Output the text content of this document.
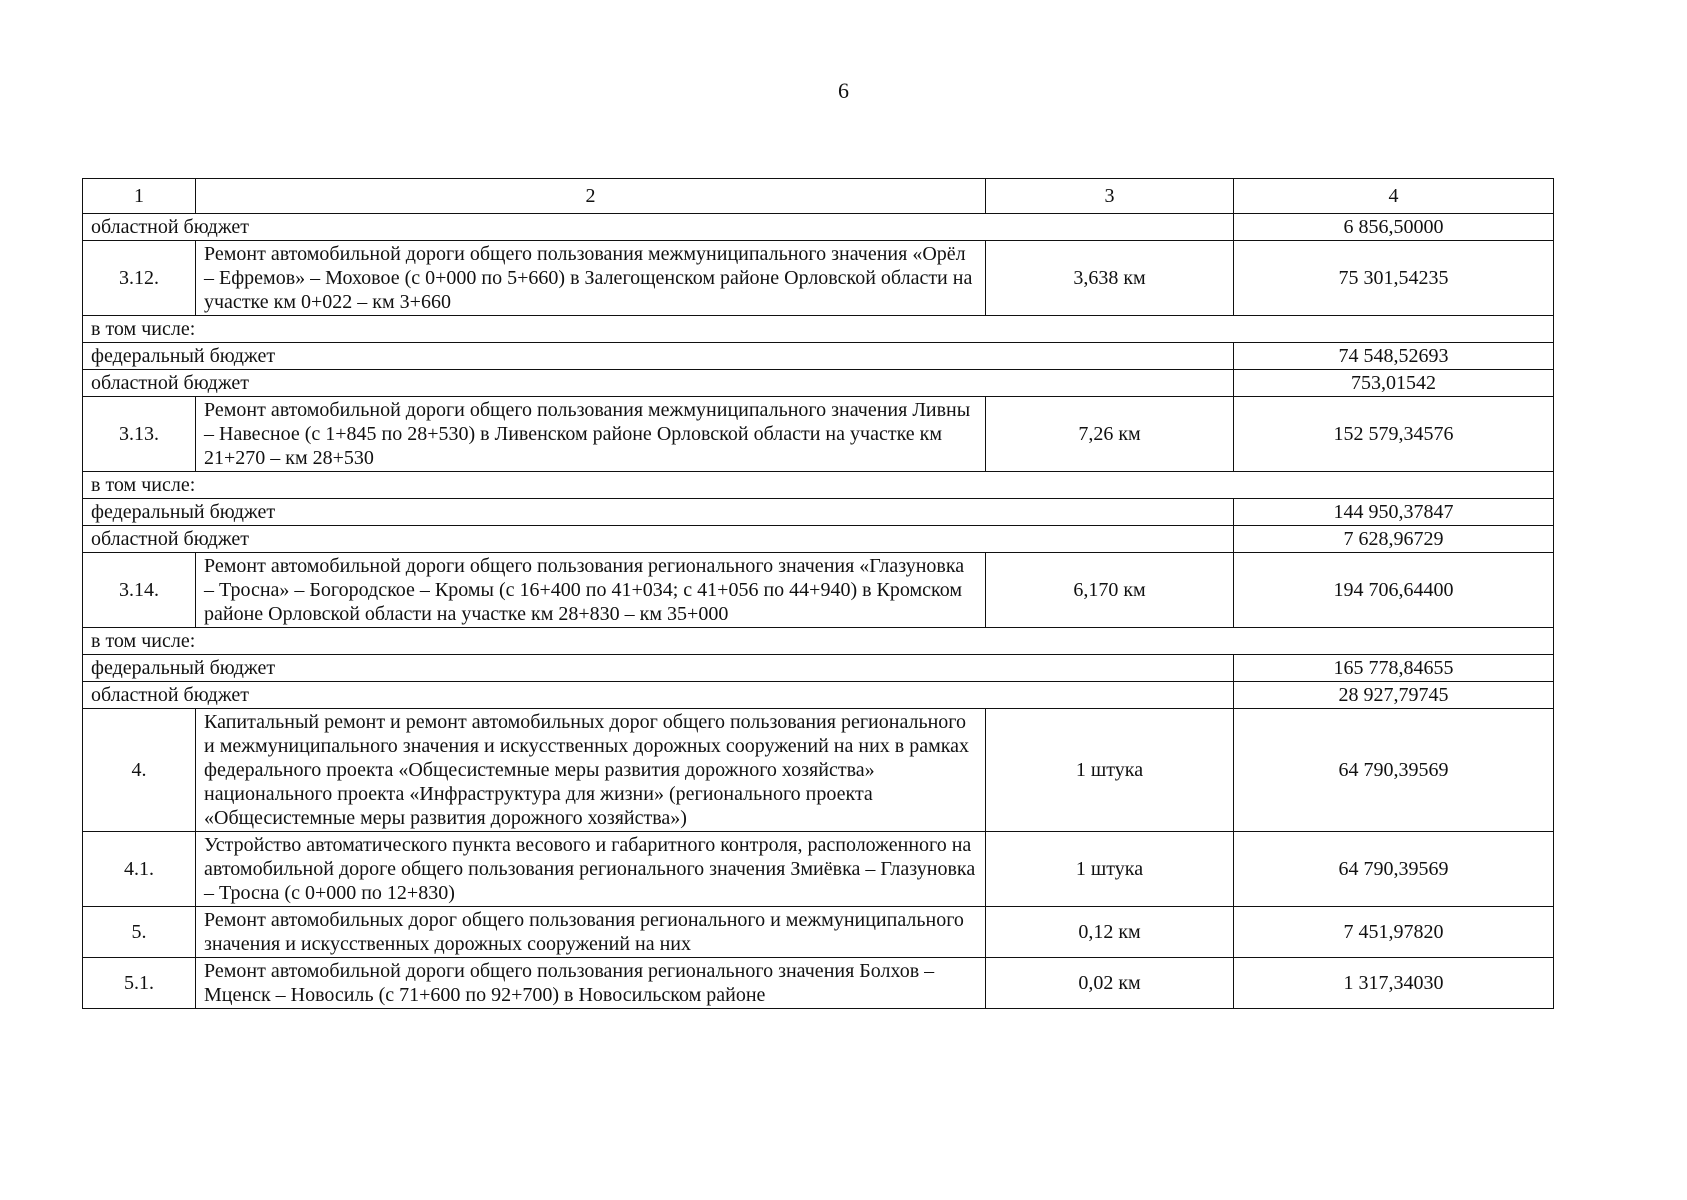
6
1	2	3	4
областной бюджет			6 856,50000
3.12.	Ремонт автомобильной дороги общего пользования межмуниципального значения «Орёл – Ефремов» – Моховое (с 0+000 по 5+660) в Залегощенском районе Орловской области на участке км 0+022 – км 3+660	3,638 км	75 301,54235
в том числе:			
федеральный бюджет			74 548,52693
областной бюджет			753,01542
3.13.	Ремонт автомобильной дороги общего пользования межмуниципального значения Ливны – Навесное (с 1+845 по 28+530) в Ливенском районе Орловской области на участке км 21+270 – км 28+530	7,26 км	152 579,34576
в том числе:			
федеральный бюджет			144 950,37847
областной бюджет			7 628,96729
3.14.	Ремонт автомобильной дороги общего пользования регионального значения «Глазуновка – Тросна» – Богородское – Кромы (с 16+400 по 41+034; с 41+056 по 44+940) в Кромском районе Орловской области на участке км 28+830 – км 35+000	6,170 км	194 706,64400
в том числе:			
федеральный бюджет			165 778,84655
областной бюджет			28 927,79745
4.	Капитальный ремонт и ремонт автомобильных дорог общего пользования регионального и межмуниципального значения и искусственных дорожных сооружений на них в рамках федерального проекта «Общесистемные меры развития дорожного хозяйства» национального проекта «Инфраструктура для жизни» (регионального проекта «Общесистемные меры развития дорожного хозяйства»)	1 штука	64 790,39569
4.1.	Устройство автоматического пункта весового и габаритного контроля, расположенного на автомобильной дороге общего пользования регионального значения Змиёвка – Глазуновка – Тросна (с 0+000 по 12+830)	1 штука	64 790,39569
5.	Ремонт автомобильных дорог общего пользования регионального и межмуниципального значения и искусственных дорожных сооружений на них	0,12 км	7 451,97820
5.1.	Ремонт автомобильной дороги общего пользования регионального значения Болхов – Мценск – Новосиль (с 71+600 по 92+700) в Новосильском районе	0,02 км	1 317,34030
